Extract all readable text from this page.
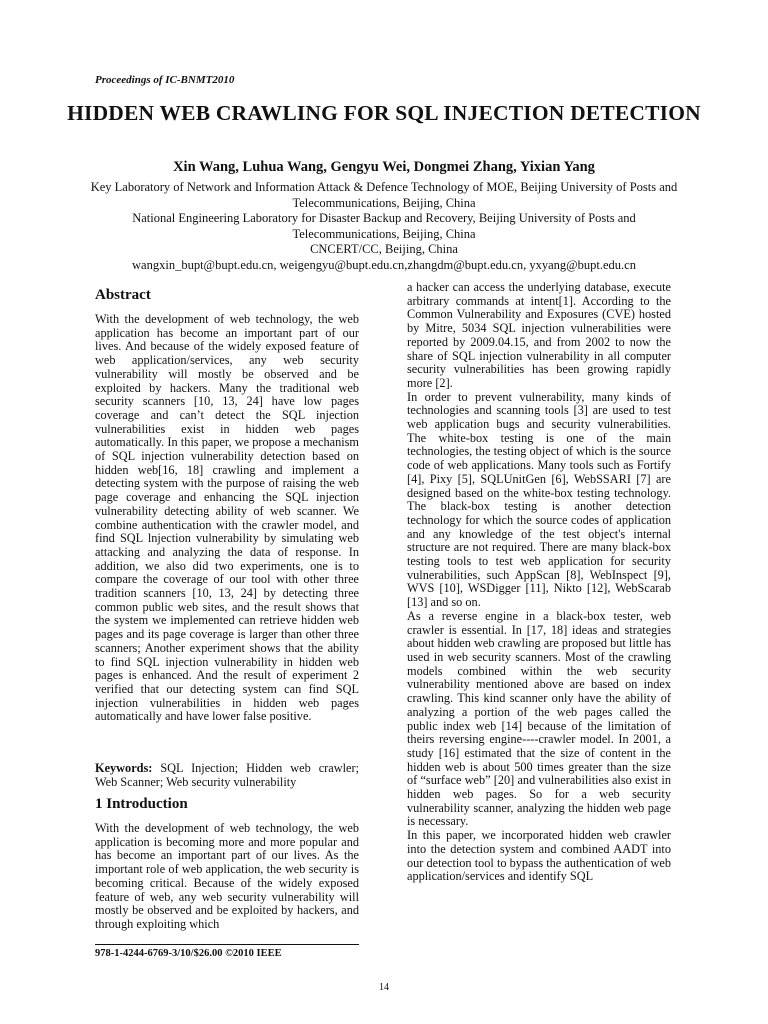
Proceedings of IC-BNMT2010
HIDDEN WEB CRAWLING FOR SQL INJECTION DETECTION
Xin Wang, Luhua Wang, Gengyu Wei, Dongmei Zhang, Yixian Yang
Key Laboratory of Network and Information Attack & Defence Technology of MOE, Beijing University of Posts and Telecommunications, Beijing, China
National Engineering Laboratory for Disaster Backup and Recovery, Beijing University of Posts and Telecommunications, Beijing, China
CNCERT/CC, Beijing, China
wangxin_bupt@bupt.edu.cn, weigengyu@bupt.edu.cn,zhangdm@bupt.edu.cn, yxyang@bupt.edu.cn
Abstract

With the development of web technology, the web application has become an important part of our lives. And because of the widely exposed feature of web application/services, any web security vulnerability will mostly be observed and be exploited by hackers. Many the traditional web security scanners [10, 13, 24] have low pages coverage and can’t detect the SQL injection vulnerabilities exist in hidden web pages automatically. In this paper, we propose a mechanism of SQL injection vulnerability detection based on hidden web[16, 18] crawling and implement a detecting system with the purpose of raising the web page coverage and enhancing the SQL injection vulnerability detecting ability of web scanner. We combine authentication with the crawler model, and find SQL lnjection vulnerability by simulating web attacking and analyzing the data of response. In addition, we also did two experiments, one is to compare the coverage of our tool with other three tradition scanners [10, 13, 24] by detecting three common public web sites, and the result shows that the system we implemented can retrieve hidden web pages and its page coverage is larger than other three scanners; Another experiment shows that the ability to find SQL injection vulnerability in hidden web pages is enhanced. And the result of experiment 2 verified that our detecting system can find SQL injection vulnerabilities in hidden web pages automatically and have lower false positive.

Keywords: SQL Injection; Hidden web crawler; Web Scanner; Web security vulnerability

1 Introduction

With the development of web technology, the web application is becoming more and more popular and has become an important part of our lives. As the important role of web application, the web security is becoming critical. Because of the widely exposed feature of web, any web security vulnerability will mostly be observed and be exploited by hackers, and through exploiting which

a hacker can access the underlying database, execute arbitrary commands at intent[1]. According to the Common Vulnerability and Exposures (CVE) hosted by Mitre, 5034 SQL injection vulnerabilities were reported by 2009.04.15, and from 2002 to now the share of SQL injection vulnerability in all computer security vulnerabilities has been growing rapidly more [2].

In order to prevent vulnerability, many kinds of technologies and scanning tools [3] are used to test web application bugs and security vulnerabilities. The white-box testing is one of the main technologies, the testing object of which is the source code of web applications. Many tools such as Fortify [4], Pixy [5], SQLUnitGen [6], WebSSARI [7] are designed based on the white-box testing technology. The black-box testing is another detection technology for which the source codes of application and any knowledge of the test object's internal structure are not required. There are many black-box testing tools to test web application for security vulnerabilities, such AppScan [8], WebInspect [9], WVS [10], WSDigger [11], Nikto [12], WebScarab [13] and so on.

As a reverse engine in a black-box tester, web crawler is essential. In [17, 18] ideas and strategies about hidden web crawling are proposed but little has used in web security scanners. Most of the crawling models combined within the web security vulnerability mentioned above are based on index crawling. This kind scanner only have the ability of analyzing a portion of the web pages called the public index web [14] because of the limitation of theirs reversing engine----crawler model. In 2001, a study [16] estimated that the size of content in the hidden web is about 500 times greater than the size of “surface web” [20] and vulnerabilities also exist in hidden web pages. So for a web security vulnerability scanner, analyzing the hidden web page is necessary.

In this paper, we incorporated hidden web crawler into the detection system and combined AADT into our detection tool to bypass the authentication of web application/services and identify SQL

978-1-4244-6769-3/10/$26.00 ©2010 IEEE
14
